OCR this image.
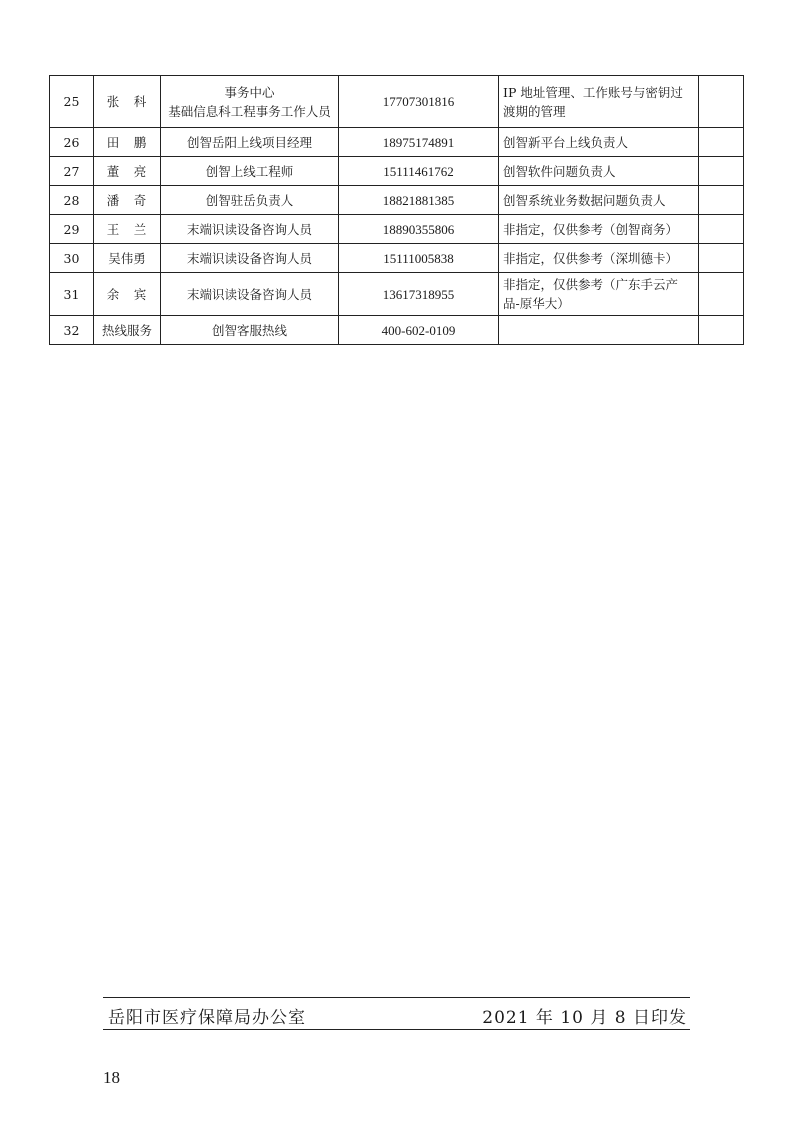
25	张　科	事务中心
基础信息科工程事务工作人员	17707301816	IP 地址管理、工作账号与密钥过渡期的管理	
26	田　鹏	创智岳阳上线项目经理	18975174891	创智新平台上线负责人	
27	董　亮	创智上线工程师	15111461762	创智软件问题负责人	
28	潘　奇	创智驻岳负责人	18821881385	创智系统业务数据问题负责人	
29	王　兰	末端识读设备咨询人员	18890355806	非指定，仅供参考（创智商务）	
30	吴伟勇	末端识读设备咨询人员	15111005838	非指定，仅供参考（深圳德卡）	
31	余　宾	末端识读设备咨询人员	13617318955	非指定，仅供参考（广东手云产品-原华大）	
32	热线服务	创智客服热线	400-602-0109		
岳阳市医疗保障局办公室	2021 年 10 月 8 日印发
18
